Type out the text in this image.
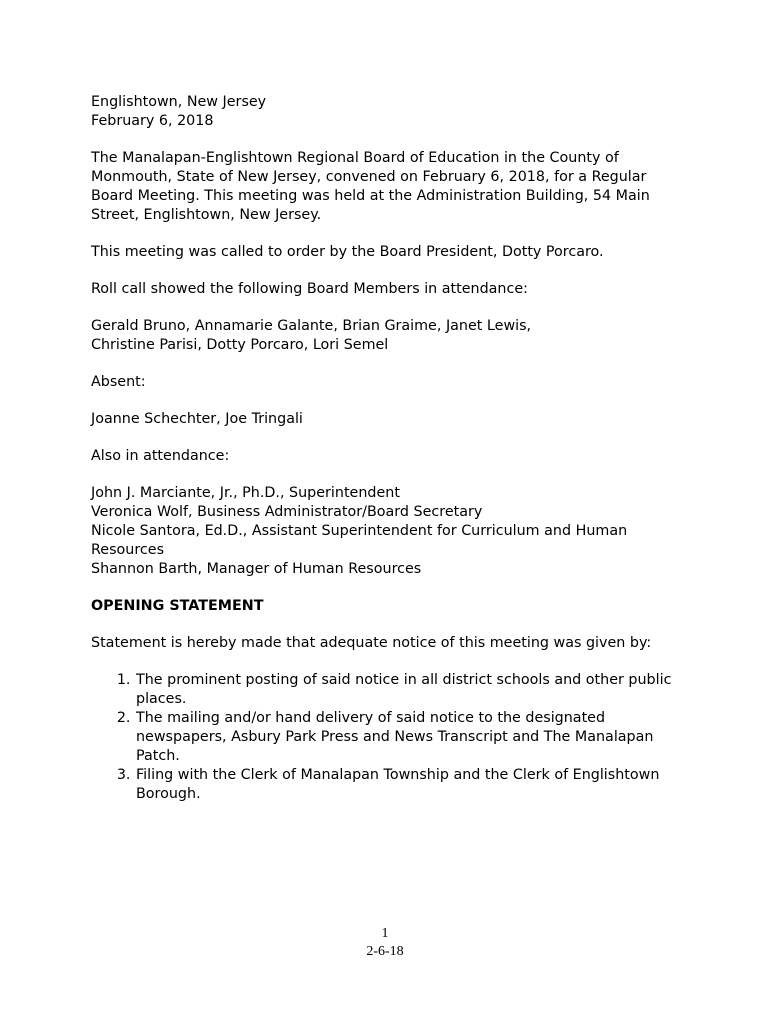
Englishtown, New Jersey

February 6, 2018

The Manalapan-Englishtown Regional Board of Education in the County of Monmouth, State of New Jersey, convened on February 6, 2018, for a Regular Board Meeting. This meeting was held at the Administration Building, 54 Main Street, Englishtown, New Jersey.

This meeting was called to order by the Board President, Dotty Porcaro.

Roll call showed the following Board Members in attendance:

Gerald Bruno, Annamarie Galante, Brian Graime, Janet Lewis,

Christine Parisi, Dotty Porcaro, Lori Semel

Absent:

Joanne Schechter, Joe Tringali

Also in attendance:

John J. Marciante, Jr., Ph.D., Superintendent

Veronica Wolf, Business Administrator/Board Secretary

Nicole Santora, Ed.D., Assistant Superintendent for Curriculum and Human Resources

Shannon Barth, Manager of Human Resources

OPENING STATEMENT

Statement is hereby made that adequate notice of this meeting was given by:

1. The prominent posting of said notice in all district schools and other public places.
2. The mailing and/or hand delivery of said notice to the designated newspapers, Asbury Park Press and News Transcript and The Manalapan Patch.
3. Filing with the Clerk of Manalapan Township and the Clerk of Englishtown Borough.
1
2-6-18
